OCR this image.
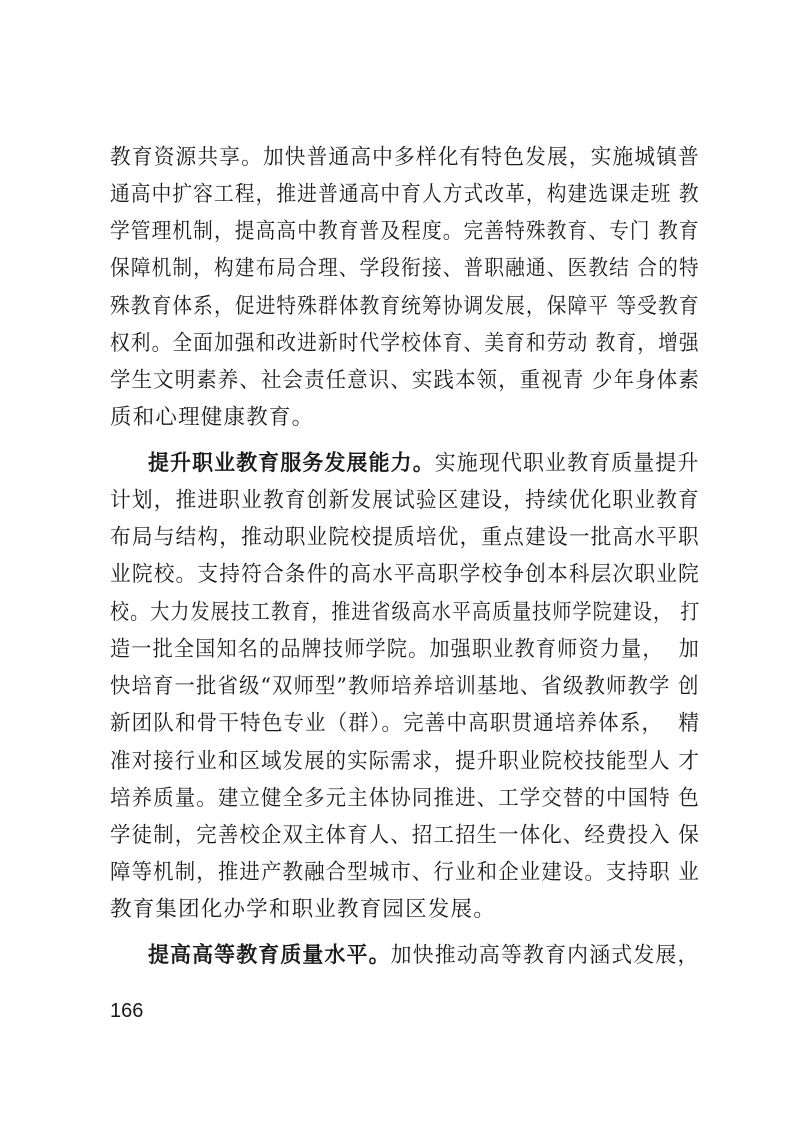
教育资源共享。加快普通高中多样化有特色发展，实施城镇普
通高中扩容工程，推进普通高中育人方式改革，构建选课走班 教
学管理机制，提高高中教育普及程度。完善特殊教育、专门 教育
保障机制，构建布局合理、学段衔接、普职融通、医教结 合的特
殊教育体系，促进特殊群体教育统筹协调发展，保障平 等受教育
权利。全面加强和改进新时代学校体育、美育和劳动 教育，增强
学生文明素养、社会责任意识、实践本领，重视青 少年身体素
质和心理健康教育。
提升职业教育服务发展能力。实施现代职业教育质量提升
计划，推进职业教育创新发展试验区建设，持续优化职业教育
布局与结构，推动职业院校提质培优，重点建设一批高水平职
业院校。支持符合条件的高水平高职学校争创本科层次职业院
校。大力发展技工教育，推进省级高水平高质量技师学院建设， 打
造一批全国知名的品牌技师学院。加强职业教育师资力量，  加
快培育一批省级“双师型”教师培养培训基地、省级教师教学 创
新团队和骨干特色专业（群）。完善中高职贯通培养体系，  精
准对接行业和区域发展的实际需求，提升职业院校技能型人 才
培养质量。建立健全多元主体协同推进、工学交替的中国特 色
学徒制，完善校企双主体育人、招工招生一体化、经费投入 保
障等机制，推进产教融合型城市、行业和企业建设。支持职 业
教育集团化办学和职业教育园区发展。
提高高等教育质量水平。加快推动高等教育内涵式发展，
166
